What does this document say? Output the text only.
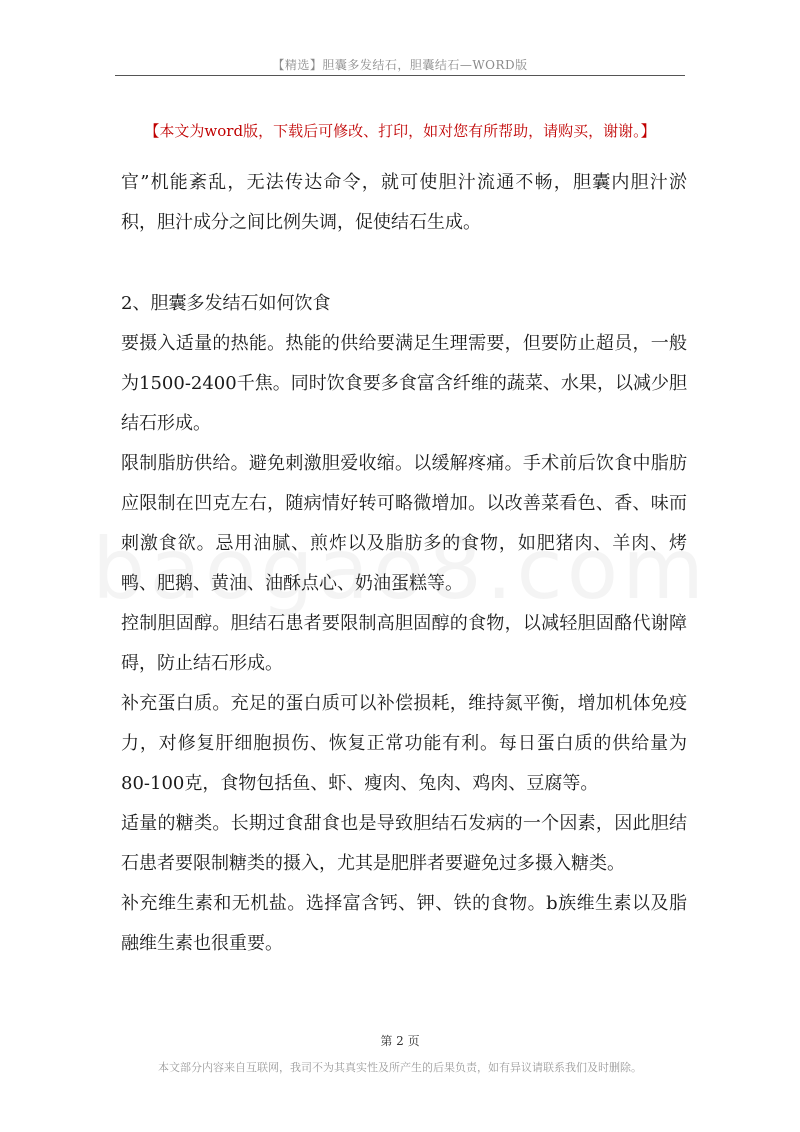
【精选】胆囊多发结石，胆囊结石—WORD版
【本文为word版，下载后可修改、打印，如对您有所帮助，请购买，谢谢。】

官”机能紊乱，无法传达命令，就可使胆汁流通不畅，胆囊内胆汁淤积，胆汁成分之间比例失调，促使结石生成。

2、胆囊多发结石如何饮食

要摄入适量的热能。热能的供给要满足生理需要，但要防止超员，一般为1500-2400千焦。同时饮食要多食富含纤维的蔬菜、水果，以减少胆结石形成。

限制脂肪供给。避免刺激胆爱收缩。以缓解疼痛。手术前后饮食中脂肪应限制在凹克左右，随病情好转可略微增加。以改善菜看色、香、味而刺激食欲。忌用油腻、煎炸以及脂肪多的食物，如肥猪肉、羊肉、烤鸭、肥鹅、黄油、油酥点心、奶油蛋糕等。

控制胆固醇。胆结石患者要限制高胆固醇的食物，以减轻胆固酪代谢障碍，防止结石形成。

补充蛋白质。充足的蛋白质可以补偿损耗，维持氮平衡，增加机体免疫力，对修复肝细胞损伤、恢复正常功能有利。每日蛋白质的供给量为80-100克，食物包括鱼、虾、瘦肉、兔肉、鸡肉、豆腐等。

适量的糖类。长期过食甜食也是导致胆结石发病的一个因素，因此胆结石患者要限制糖类的摄入，尤其是肥胖者要避免过多摄入糖类。

补充维生素和无机盐。选择富含钙、钾、铁的食物。b族维生素以及脂融维生素也很重要。

第 2 页
本文部分内容来自互联网，我司不为其真实性及所产生的后果负责，如有异议请联系我们及时删除。
